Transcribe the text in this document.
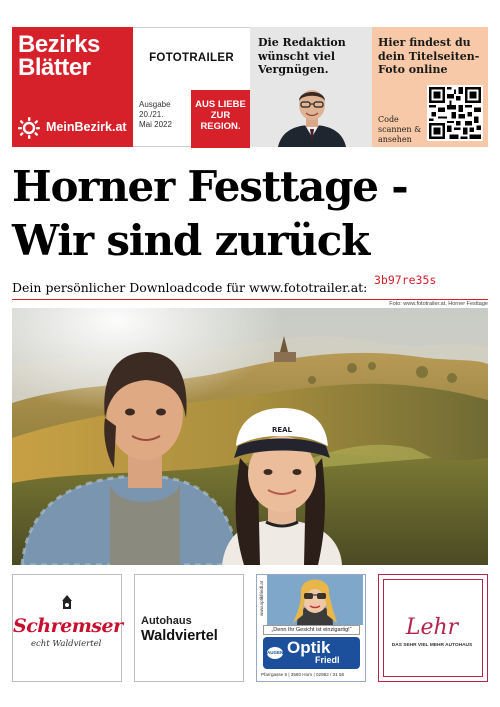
Bezirks
Blätter
MeinBezirk.at
FOTOTRAILER
Ausgabe
20./21.
Mai 2022
AUS LIEBE ZUR REGION.
Die Redaktion wünscht viel Vergnügen.
Hier findest du dein Titelseiten-Foto online
Code scannen & ansehen
Horner Festtage -
Wir sind zurück
Dein persönlicher Downloadcode für www.fototrailer.at: 3b97re35s
Foto: www.fototrailer.at, Horner Festtage
REAL
Schremser
echt Waldviertel
Autohaus
Waldviertel
www.optikfriedl.at
„Denn Ihr Gesicht ist einzigartig!“
AUGEN Optik
Friedl
Pfarrgasse 5 | 3580 Horn | 02982 / 31 56
Lehr
DAS SEHR VIEL MEHR AUTOHAUS
